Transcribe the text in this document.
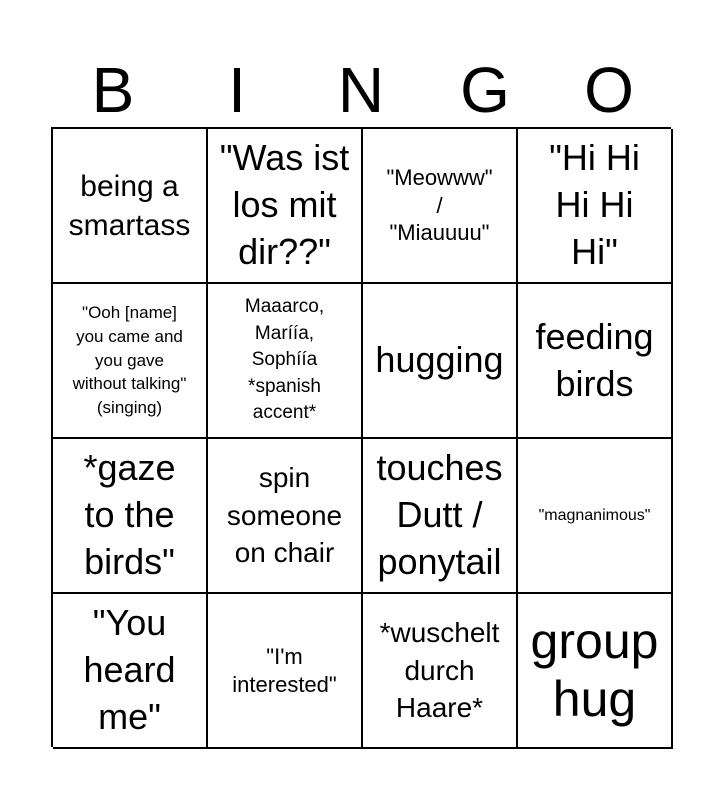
B	I	N	G	O
being a
smartass
"Was ist
los mit
dir??"
"Meowww"
/
"Miauuuu"
"Hi Hi
Hi Hi
Hi"
"Ooh [name]
you came and
you gave
without talking"
(singing)
Maaarco,
Marííа,
Sophííа
*spanish
accent*
hugging
feeding
birds
*gaze
to the
birds"
spin
someone
on chair
touches
Dutt /
ponytail
"magnanimous"
"You
heard
me"
"I'm
interested"
*wuschelt
durch
Haare*
group
hug
